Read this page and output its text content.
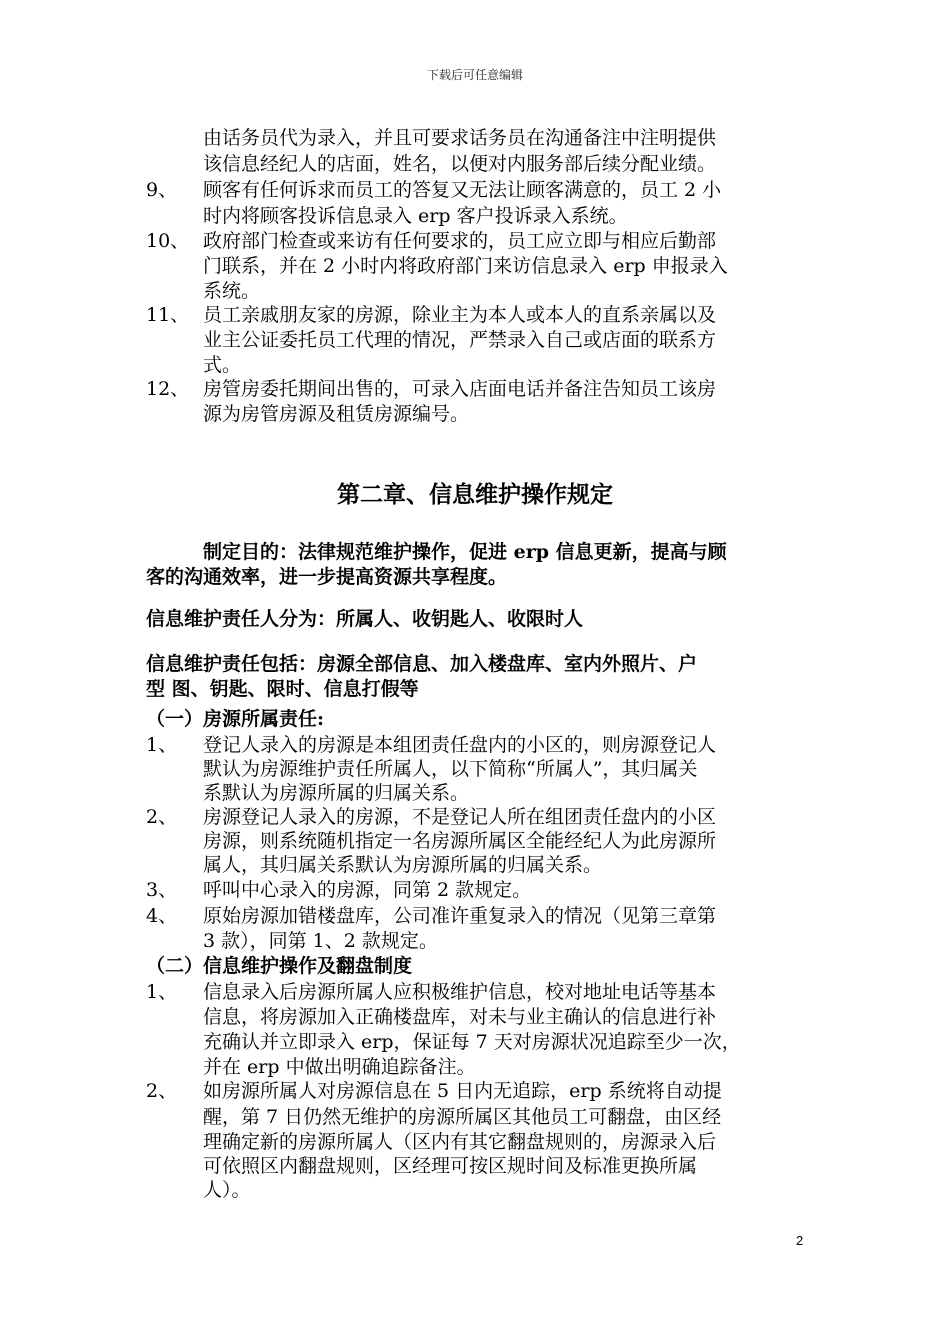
下载后可任意编辑
由话务员代为录入，并且可要求话务员在沟通备注中注明提供
该信息经纪人的店面，姓名，以便对内服务部后续分配业绩。
9、 顾客有任何诉求而员工的答复又无法让顾客满意的，员工 2 小
时内将顾客投诉信息录入 erp 客户投诉录入系统。
10、 政府部门检查或来访有任何要求的，员工应立即与相应后勤部
门联系，并在 2 小时内将政府部门来访信息录入 erp 申报录入
系统。
11、 员工亲戚朋友家的房源，除业主为本人或本人的直系亲属以及
业主公证委托员工代理的情况，严禁录入自己或店面的联系方
式。
12、 房管房委托期间出售的，可录入店面电话并备注告知员工该房
源为房管房源及租赁房源编号。
第二章、信息维护操作规定
制定目的：法律规范维护操作，促进 erp 信息更新，提高与顾
客的沟通效率，进一步提高资源共享程度。
信息维护责任人分为：所属人、收钥匙人、收限时人
信息维护责任包括：房源全部信息、加入楼盘库、室内外照片、户
型 图、钥匙、限时、信息打假等
（一）房源所属责任:
1、 登记人录入的房源是本组团责任盘内的小区的，则房源登记人
默认为房源维护责任所属人，以下简称“所属人”，其归属关
系默认为房源所属的归属关系。
2、 房源登记人录入的房源，不是登记人所在组团责任盘内的小区
房源，则系统随机指定一名房源所属区全能经纪人为此房源所
属人，其归属关系默认为房源所属的归属关系。
3、 呼叫中心录入的房源，同第 2 款规定。
4、 原始房源加错楼盘库，公司准许重复录入的情况（见第三章第
3 款），同第 1、2 款规定。
（二）信息维护操作及翻盘制度
1、 信息录入后房源所属人应积极维护信息，校对地址电话等基本
信息，将房源加入正确楼盘库，对未与业主确认的信息进行补
充确认并立即录入 erp，保证每 7 天对房源状况追踪至少一次，
并在 erp 中做出明确追踪备注。
2、 如房源所属人对房源信息在 5 日内无追踪，erp 系统将自动提
醒，第 7 日仍然无维护的房源所属区其他员工可翻盘，由区经
理确定新的房源所属人（区内有其它翻盘规则的，房源录入后
可依照区内翻盘规则，区经理可按区规时间及标准更换所属
人）。
2
